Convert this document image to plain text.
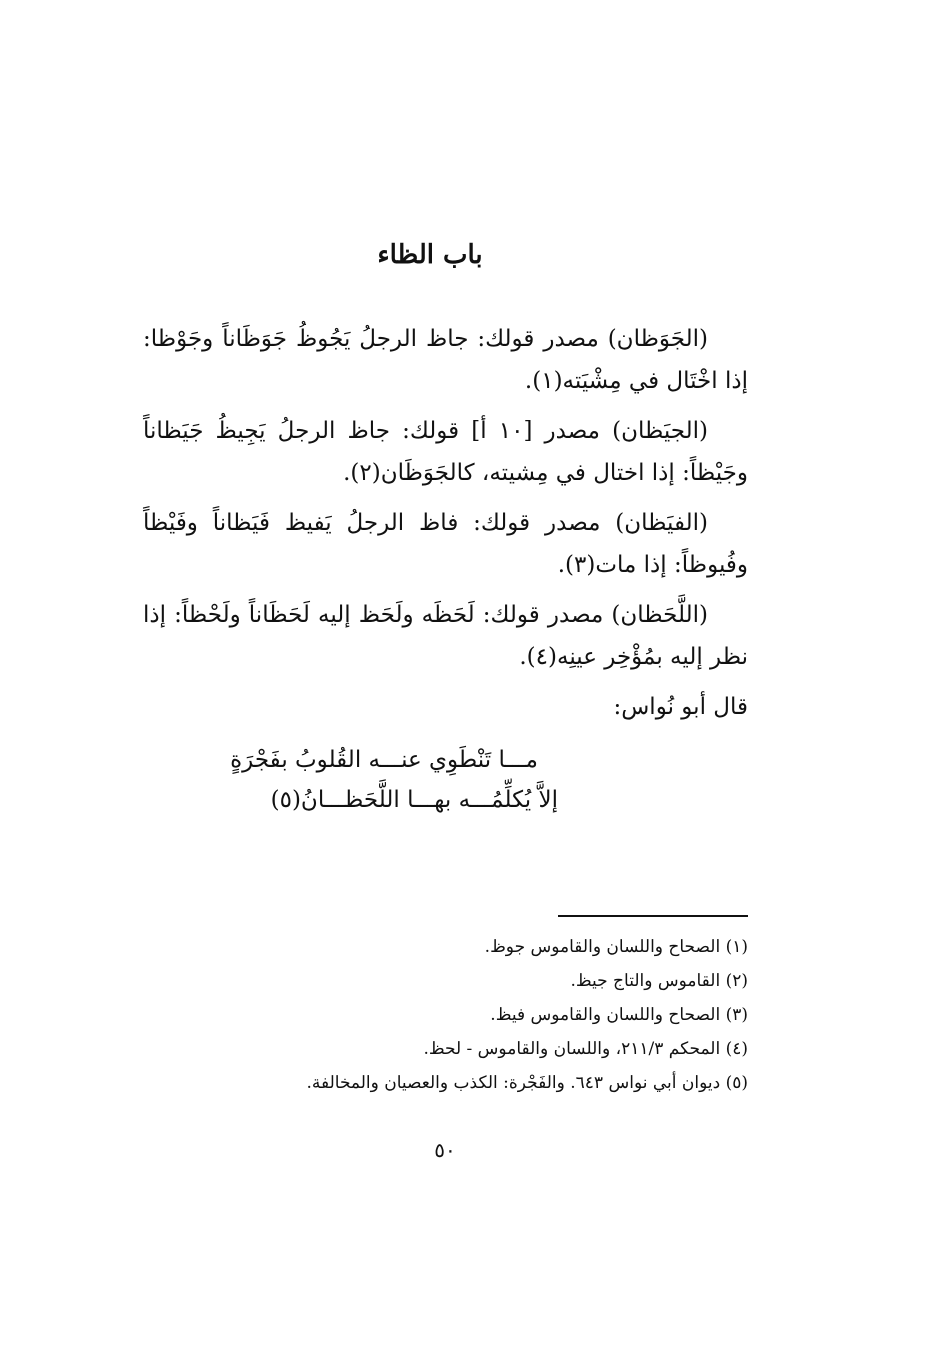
باب الظاء

(الجَوَظان) مصدر قولك: جاظ الرجلُ يَجُوظُ جَوَظَاناً وجَوْظا: إذا اخْتَال في مِشْيَته(١).

(الجيَظان) مصدر [١٠ أ] قولك: جاظ الرجلُ يَجِيظُ جَيَظاناً وجَيْظاً: إذا اختال في مِشيته، كالجَوَظَان(٢).

(الفيَظان) مصدر قولك: فاظ الرجلُ يَفيظ فَيَظاناً وفَيْظاً وفُيوظاً: إذا مات(٣).

(اللَّحَظان) مصدر قولك: لَحَظَه ولَحَظ إليه لَحَظَاناً ولَحْظاً: إذا نظر إليه بمُؤْخِر عينِه(٤).

قال أبو نُواس:

مـــا تَنْطَوِي عنـــه القُلوبُ بفَجْرَةٍ

إلاَّ يُكلِّمُـــه بهـــا اللَّحَظـــانُ(٥)

(١) الصحاح واللسان والقاموس جوظ.

(٢) القاموس والتاج جيظ.

(٣) الصحاح واللسان والقاموس فيظ.

(٤) المحكم ٢١١/٣، واللسان والقاموس - لحظ.

(٥) ديوان أبي نواس ٦٤٣. والفَجْرة: الكذب والعصيان والمخالفة.

٥٠
